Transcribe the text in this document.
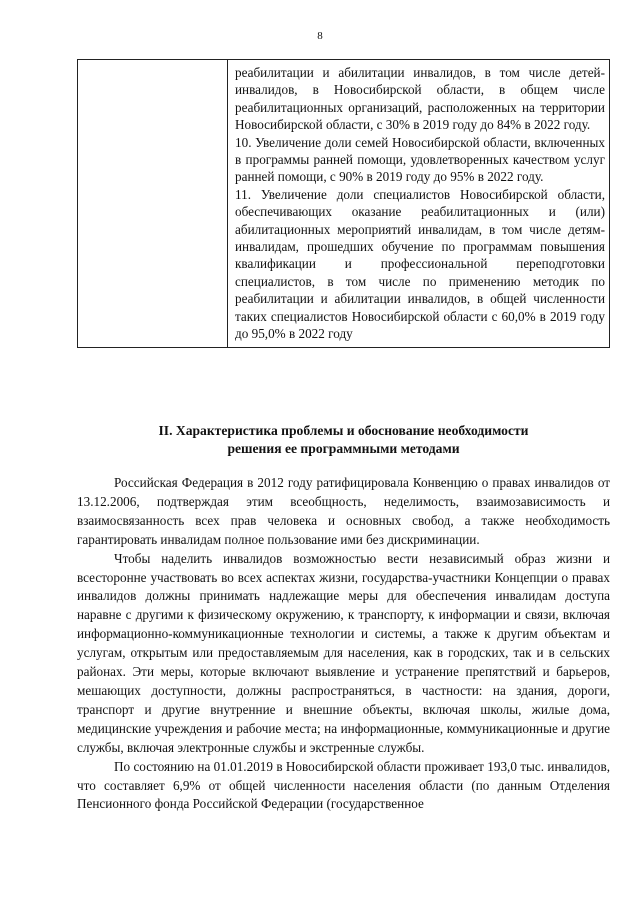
8

реабилитации и абилитации инвалидов, в том числе детей-инвалидов, в Новосибирской области, в общем числе реабилитационных организаций, расположенных на территории Новосибирской области, с 30% в 2019 году до 84% в 2022 году.

10. Увеличение доли семей Новосибирской области, включенных в программы ранней помощи, удовлетворенных качеством услуг ранней помощи, с 90% в 2019 году до 95% в 2022 году.

11. Увеличение доли специалистов Новосибирской области, обеспечивающих оказание реабилитационных и (или) абилитационных мероприятий инвалидам, в том числе детям-инвалидам, прошедших обучение по программам повышения квалификации и профессиональной переподготовки специалистов, в том числе по применению методик по реабилитации и абилитации инвалидов, в общей численности таких специалистов Новосибирской области с 60,0% в 2019 году до 95,0% в 2022 году

II. Характеристика проблемы и обоснование необходимости
решения ее программными методами

Российская Федерация в 2012 году ратифицировала Конвенцию о правах инвалидов от 13.12.2006, подтверждая этим всеобщность, неделимость, взаимозависимость и взаимосвязанность всех прав человека и основных свобод, а также необходимость гарантировать инвалидам полное пользование ими без дискриминации.

Чтобы наделить инвалидов возможностью вести независимый образ жизни и всесторонне участвовать во всех аспектах жизни, государства-участники Концепции о правах инвалидов должны принимать надлежащие меры для обеспечения инвалидам доступа наравне с другими к физическому окружению, к транспорту, к информации и связи, включая информационно-коммуникационные технологии и системы, а также к другим объектам и услугам, открытым или предоставляемым для населения, как в городских, так и в сельских районах. Эти меры, которые включают выявление и устранение препятствий и барьеров, мешающих доступности, должны распространяться, в частности: на здания, дороги, транспорт и другие внутренние и внешние объекты, включая школы, жилые дома, медицинские учреждения и рабочие места; на информационные, коммуникационные и другие службы, включая электронные службы и экстренные службы.

По состоянию на 01.01.2019 в Новосибирской области проживает 193,0 тыс. инвалидов, что составляет 6,9% от общей численности населения области (по данным Отделения Пенсионного фонда Российской Федерации (государственное
